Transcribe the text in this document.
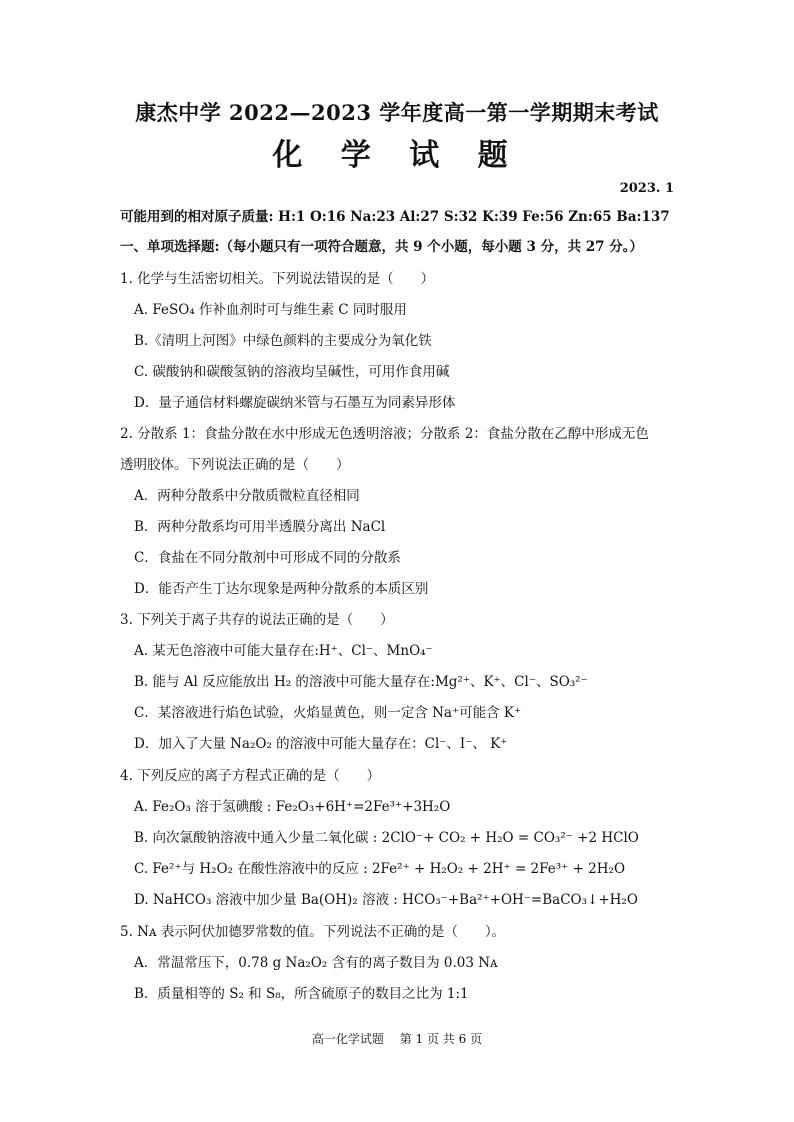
康杰中学 2022—2023 学年度高一第一学期期末考试
化 学 试 题
2023. 1
可能用到的相对原子质量: H:1 O:16 Na:23 Al:27 S:32 K:39 Fe:56 Zn:65 Ba:137
一、单项选择题:（每小题只有一项符合题意，共 9 个小题，每小题 3 分，共 27 分。）
1. 化学与生活密切相关。下列说法错误的是（　　）
A. FeSO₄ 作补血剂时可与维生素 C 同时服用
B.《清明上河图》中绿色颜料的主要成分为氧化铁
C. 碳酸钠和碳酸氢钠的溶液均呈碱性，可用作食用碱
D．量子通信材料螺旋碳纳米管与石墨互为同素异形体
2. 分散系 1：食盐分散在水中形成无色透明溶液；分散系 2：食盐分散在乙醇中形成无色
透明胶体。下列说法正确的是（　　）
A．两种分散系中分散质微粒直径相同
B．两种分散系均可用半透膜分离出 NaCl
C．食盐在不同分散剂中可形成不同的分散系
D．能否产生丁达尔现象是两种分散系的本质区别
3. 下列关于离子共存的说法正确的是（　　）
A. 某无色溶液中可能大量存在:H⁺、Cl⁻、MnO₄⁻
B. 能与 Al 反应能放出 H₂ 的溶液中可能大量存在:Mg²⁺、K⁺、Cl⁻、SO₃²⁻
C．某溶液进行焰色试验，火焰显黄色，则一定含 Na⁺可能含 K⁺
D．加入了大量 Na₂O₂ 的溶液中可能大量存在：Cl⁻、I⁻、 K⁺
4. 下列反应的离子方程式正确的是（　　）
A. Fe₂O₃ 溶于氢碘酸 : Fe₂O₃+6H⁺=2Fe³⁺+3H₂O
B. 向次氯酸钠溶液中通入少量二氧化碳 : 2ClO⁻+ CO₂ + H₂O = CO₃²⁻ +2 HClO
C. Fe²⁺与 H₂O₂ 在酸性溶液中的反应 : 2Fe²⁺ + H₂O₂ + 2H⁺ = 2Fe³⁺ + 2H₂O
D. NaHCO₃ 溶液中加少量 Ba(OH)₂ 溶液 : HCO₃⁻+Ba²⁺+OH⁻=BaCO₃↓+H₂O
5. Nᴀ 表示阿伏加德罗常数的值。下列说法不正确的是（　　）。
A．常温常压下，0.78 g Na₂O₂ 含有的离子数目为 0.03 Nᴀ
B．质量相等的 S₂ 和 S₈，所含硫原子的数目之比为 1:1
高一化学试题　 第 1 页 共 6 页
